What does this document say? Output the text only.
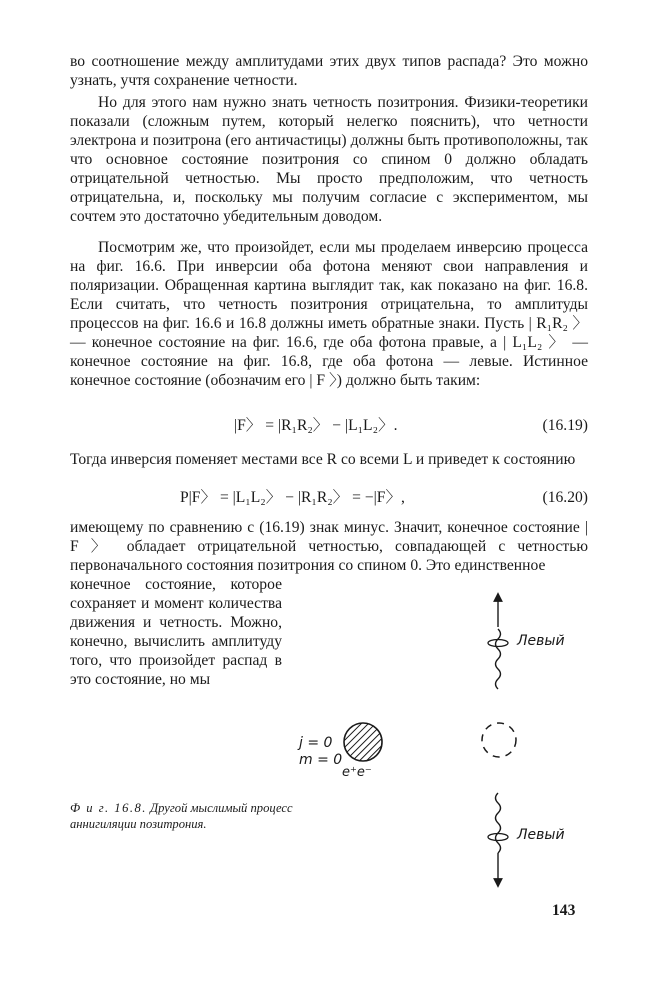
во соотношение между амплитудами этих двух типов распада? Это можно узнать, учтя сохранение четности.

Но для этого нам нужно знать четность позитрония. Физики-теоретики показали (сложным путем, который нелегко пояснить), что четности электрона и позитрона (его античастицы) должны быть противоположны, так что основное состояние позитрония со спином 0 должно обладать отрицательной четностью. Мы просто предположим, что четность отрицательна, и, поскольку мы получим согласие с экспериментом, мы сочтем это достаточно убедительным доводом.

Посмотрим же, что произойдет, если мы проделаем инверсию процесса на фиг. 16.6. При инверсии оба фотона меняют свои направления и поляризации. Обращенная картина выглядит так, как показано на фиг. 16.8. Если считать, что четность позитрония отрицательна, то амплитуды процессов на фиг. 16.6 и 16.8 должны иметь обратные знаки. Пусть | R₁R₂ 〉 — конечное состояние на фиг. 16.6, где оба фотона правые, а | L₁L₂ 〉 — конечное состояние на фиг. 16.8, где оба фотона — левые. Истинное конечное состояние (обозначим его | F 〉) должно быть таким:

|F〉 = |R₁R₂〉 − |L₁L₂〉.	(16.19)

Тогда инверсия поменяет местами все R со всеми L и приведет к состоянию

P|F〉 = |L₁L₂〉 − |R₁R₂〉 = −|F〉,	(16.20)

имеющему по сравнению с (16.19) знак минус. Значит, конечное состояние | F 〉 обладает отрицательной четностью, совпадающей с четностью первоначального состояния позитрония со спином 0. Это единственное

конечное состояние, которое сохраняет и момент количества движения и четность. Можно, конечно, вычислить амплитуду того, что произойдет распад в это состояние, но мы

Левый
Левый
j = 0
m = 0
e⁺e⁻
Ф и г. 16.8. Другой мыслимый процесс аннигиляции позитрония.
143
